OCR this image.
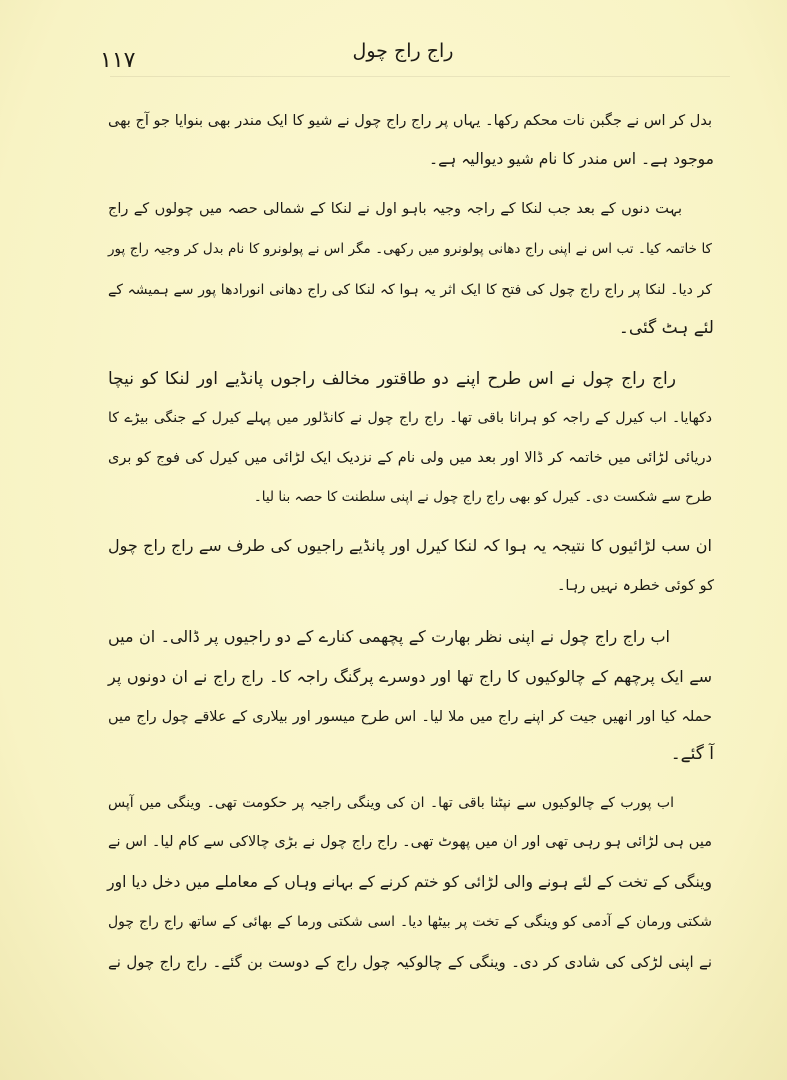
۱۱۷	راج راج چول
بدل کر اس نے جگبن نات محکم رکھا۔ یہاں پر راج راج چول نے شیو کا ایک مندر بھی بنوایا جو آج بھی
موجود ہے۔ اس مندر کا نام شیو دیوالیہ ہے۔
بہت دنوں کے بعد جب لنکا کے راجہ وجیہ باہو اول نے لنکا کے شمالی حصہ میں چولوں کے راج
کا خاتمہ کیا۔ تب اس نے اپنی راج دھانی پولونرو میں رکھی۔ مگر اس نے پولونرو کا نام بدل کر وجیہ راج پور
کر دیا۔ لنکا پر راج راج چول کی فتح کا ایک اثر یہ ہوا کہ لنکا کی راج دھانی انورادھا پور سے ہمیشہ کے
لئے ہٹ گئی۔
راج راج چول نے اس طرح اپنے دو طاقتور مخالف راجوں پانڈیے اور لنکا کو نیچا
دکھایا۔ اب کیرل کے راجہ کو ہرانا باقی تھا۔ راج راج چول نے کانڈلور میں پہلے کیرل کے جنگی بیڑے کا
دریائی لڑائی میں خاتمہ کر ڈالا اور بعد میں ولی نام کے نزدیک ایک لڑائی میں کیرل کی فوج کو بری
طرح سے شکست دی۔ کیرل کو بھی راج راج چول نے اپنی سلطنت کا حصہ بنا لیا۔
ان سب لڑائیوں کا نتیجہ یہ ہوا کہ لنکا کیرل اور پانڈیے راجیوں کی طرف سے راج راج چول
کو کوئی خطرہ نہیں رہا۔
اب راج راج چول نے اپنی نظر بھارت کے پچھمی کنارے کے دو راجیوں پر ڈالی۔ ان میں
سے ایک پرچھم کے چالوکیوں کا راج تھا اور دوسرے پرگنگ راجہ کا۔ راج راج نے ان دونوں پر
حملہ کیا اور انھیں جیت کر اپنے راج میں ملا لیا۔ اس طرح میسور اور بیلاری کے علاقے چول راج میں
آ گئے۔
اب پورب کے چالوکیوں سے نپٹنا باقی تھا۔ ان کی وینگی راجیہ پر حکومت تھی۔ وینگی میں آپس
میں ہی لڑائی ہو رہی تھی اور ان میں پھوٹ تھی۔ راج راج چول نے بڑی چالاکی سے کام لیا۔ اس نے
وینگی کے تخت کے لئے ہونے والی لڑائی کو ختم کرنے کے بہانے وہاں کے معاملے میں دخل دیا اور
شکتی ورمان کے آدمی کو وینگی کے تخت پر بیٹھا دیا۔ اسی شکتی ورما کے بھائی کے ساتھ راج راج چول
نے اپنی لڑکی کی شادی کر دی۔ وینگی کے چالوکیہ چول راج کے دوست بن گئے۔ راج راج چول نے
